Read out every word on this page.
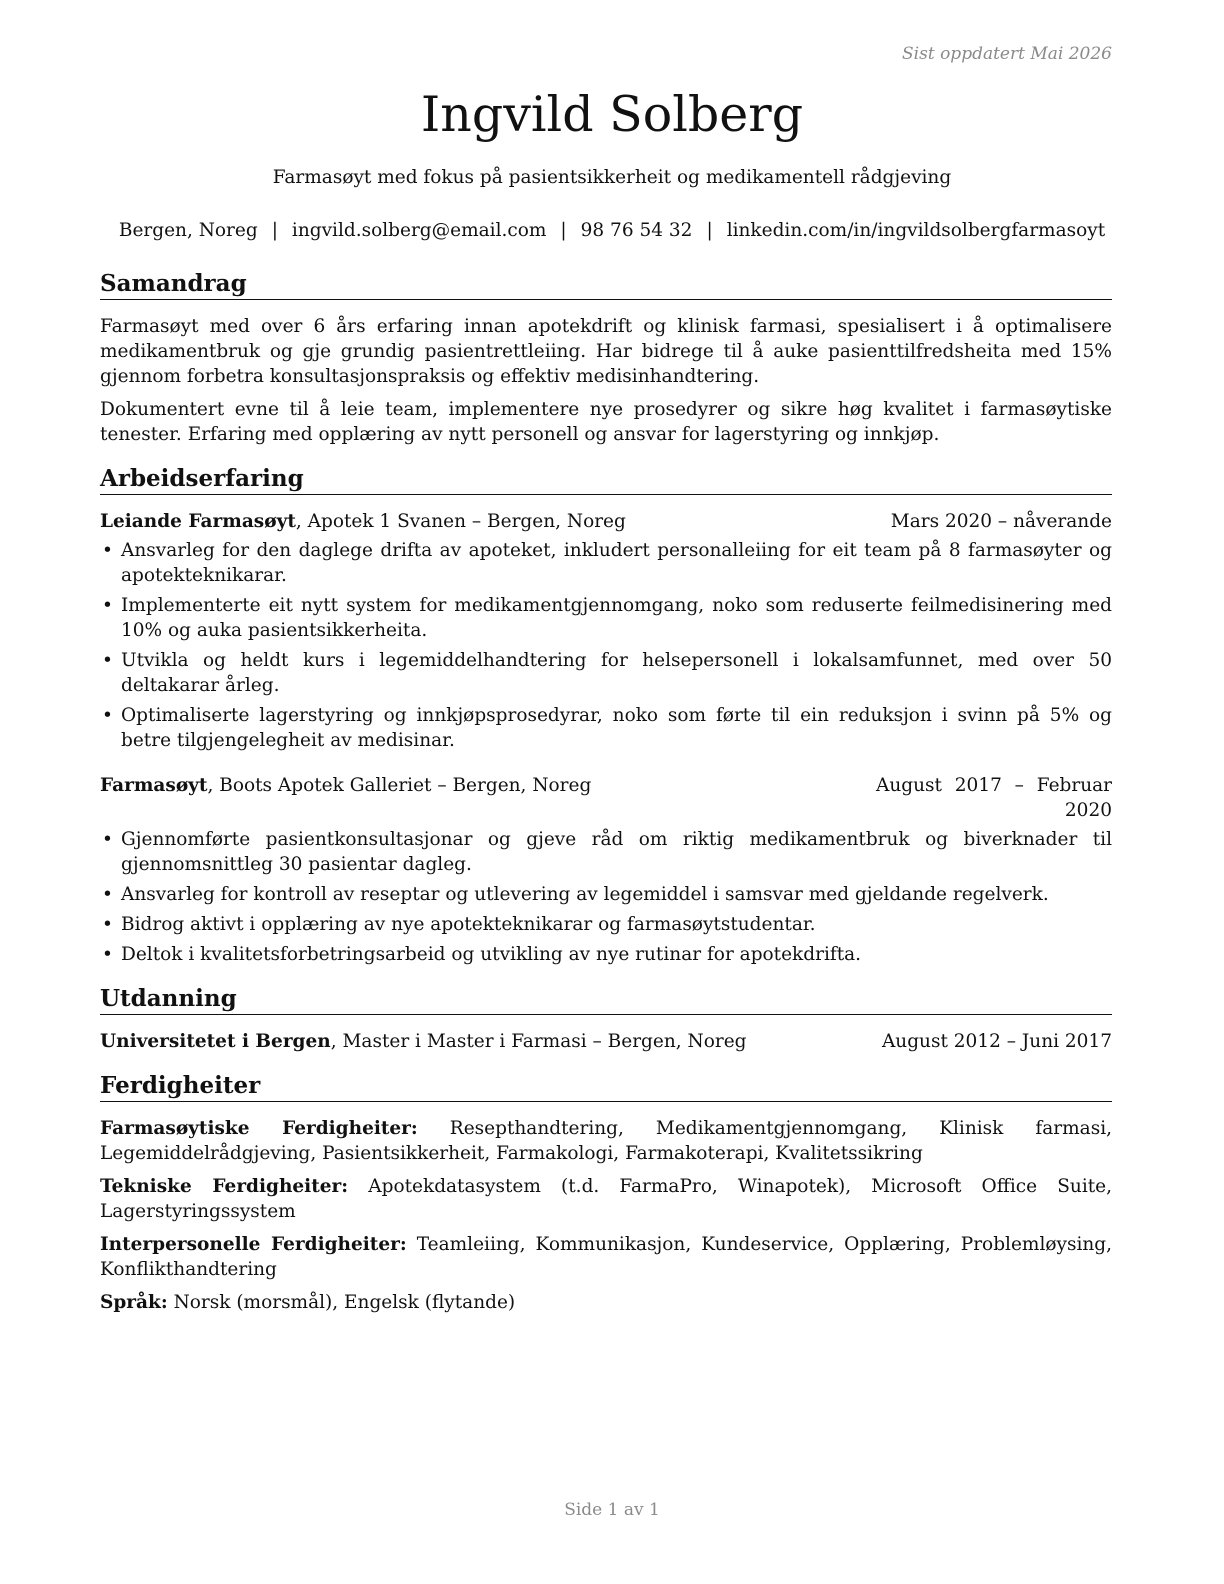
Sist oppdatert Mai 2026
Ingvild Solberg
Farmasøyt med fokus på pasientsikkerheit og medikamentell rådgjeving
Bergen, Noreg | ingvild.solberg@email.com | 98 76 54 32 | linkedin.com/in/ingvildsolbergfarmasoyt
Samandrag

Farmasøyt med over 6 års erfaring innan apotekdrift og klinisk farmasi, spesialisert i å optimalisere medikamentbruk og gje grundig pasientrettleiing. Har bidrege til å auke pasienttilfredsheita med 15% gjennom forbetra konsultasjonspraksis og effektiv medisinhandtering.

Dokumentert evne til å leie team, implementere nye prosedyrer og sikre høg kvalitet i farmasøytiske tenester. Erfaring med opplæring av nytt personell og ansvar for lagerstyring og innkjøp.

Arbeidserfaring
Leiande Farmasøyt, Apotek 1 Svanen – Bergen, Noreg	Mars 2020 – nåverande
• Ansvarleg for den daglege drifta av apoteket, inkludert personalleiing for eit team på 8 farmasøyter og apotekteknikarar.
• Implementerte eit nytt system for medikamentgjennomgang, noko som reduserte feilmedisinering med 10% og auka pasientsikkerheita.
• Utvikla og heldt kurs i legemiddelhandtering for helsepersonell i lokalsamfunnet, med over 50 deltakarar årleg.
• Optimaliserte lagerstyring og innkjøpsprosedyrar, noko som førte til ein reduksjon i svinn på 5% og betre tilgjengelegheit av medisinar.
Farmasøyt, Boots Apotek Galleriet – Bergen, Noreg	August 2017 – Februar 2020
• Gjennomførte pasientkonsultasjonar og gjeve råd om riktig medikamentbruk og biverknader til gjennomsnittleg 30 pasientar dagleg.
• Ansvarleg for kontroll av reseptar og utlevering av legemiddel i samsvar med gjeldande regelverk.
• Bidrog aktivt i opplæring av nye apotekteknikarar og farmasøytstudentar.
• Deltok i kvalitetsforbetringsarbeid og utvikling av nye rutinar for apotekdrifta.
Utdanning
Universitetet i Bergen, Master i Master i Farmasi – Bergen, Noreg	August 2012 – Juni 2017
Ferdigheiter
Farmasøytiske Ferdigheiter: Resepthandtering, Medikamentgjennomgang, Klinisk farmasi, Legemiddelrådgjeving, Pasientsikkerheit, Farmakologi, Farmakoterapi, Kvalitetssikring
Tekniske Ferdigheiter: Apotekdatasystem (t.d. FarmaPro, Winapotek), Microsoft Office Suite, Lagerstyringssystem
Interpersonelle Ferdigheiter: Teamleiing, Kommunikasjon, Kundeservice, Opplæring, Problemløysing, Konflikthandtering
Språk: Norsk (morsmål), Engelsk (flytande)
Side 1 av 1
